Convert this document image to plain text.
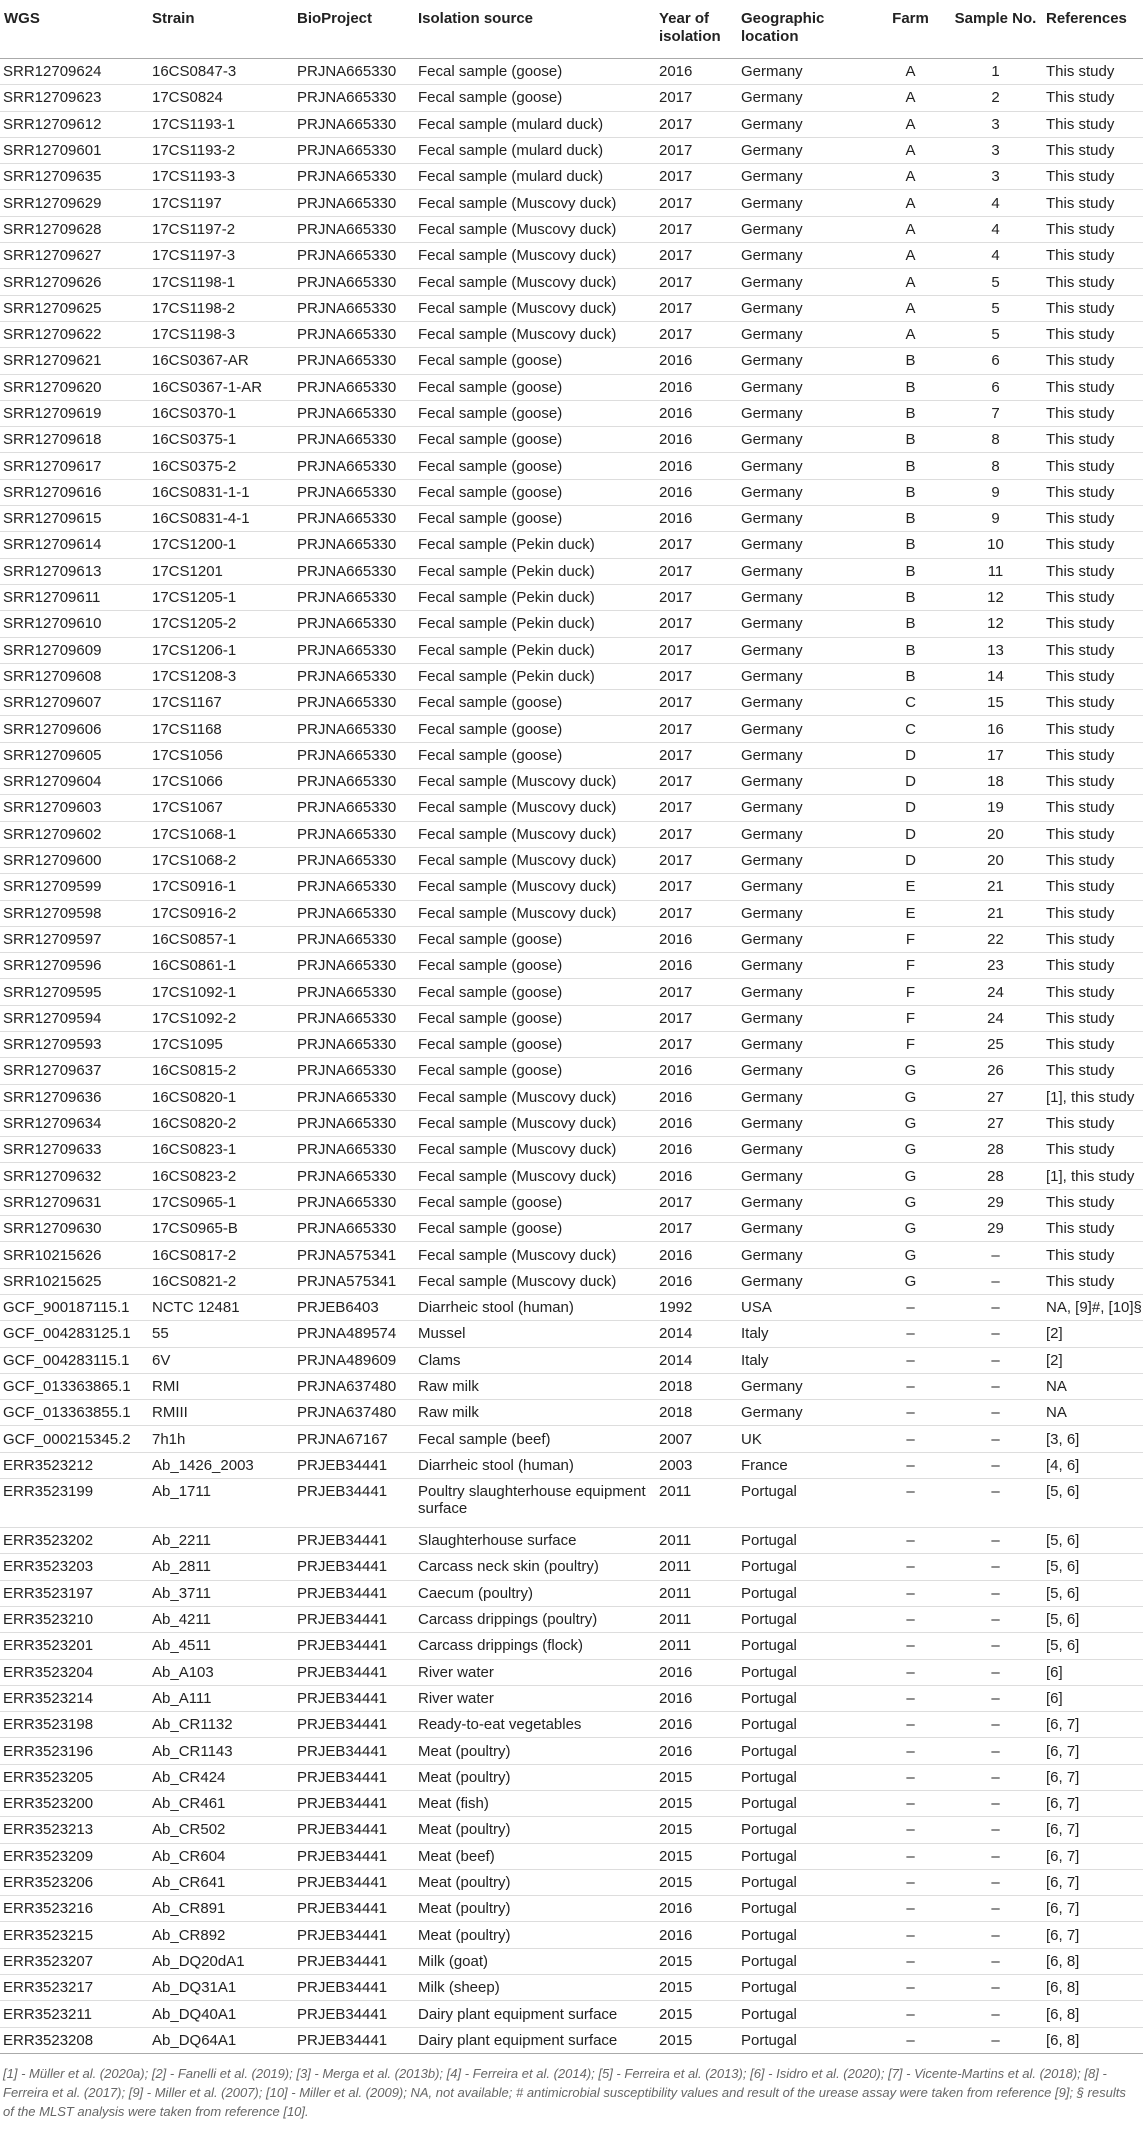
WGS	Strain	BioProject	Isolation source	Year of isolation	Geographic location	Farm	Sample No.	References
SRR12709624	16CS0847-3	PRJNA665330	Fecal sample (goose)	2016	Germany	A	1	This study
SRR12709623	17CS0824	PRJNA665330	Fecal sample (goose)	2017	Germany	A	2	This study
SRR12709612	17CS1193-1	PRJNA665330	Fecal sample (mulard duck)	2017	Germany	A	3	This study
SRR12709601	17CS1193-2	PRJNA665330	Fecal sample (mulard duck)	2017	Germany	A	3	This study
SRR12709635	17CS1193-3	PRJNA665330	Fecal sample (mulard duck)	2017	Germany	A	3	This study
SRR12709629	17CS1197	PRJNA665330	Fecal sample (Muscovy duck)	2017	Germany	A	4	This study
SRR12709628	17CS1197-2	PRJNA665330	Fecal sample (Muscovy duck)	2017	Germany	A	4	This study
SRR12709627	17CS1197-3	PRJNA665330	Fecal sample (Muscovy duck)	2017	Germany	A	4	This study
SRR12709626	17CS1198-1	PRJNA665330	Fecal sample (Muscovy duck)	2017	Germany	A	5	This study
SRR12709625	17CS1198-2	PRJNA665330	Fecal sample (Muscovy duck)	2017	Germany	A	5	This study
SRR12709622	17CS1198-3	PRJNA665330	Fecal sample (Muscovy duck)	2017	Germany	A	5	This study
SRR12709621	16CS0367-AR	PRJNA665330	Fecal sample (goose)	2016	Germany	B	6	This study
SRR12709620	16CS0367-1-AR	PRJNA665330	Fecal sample (goose)	2016	Germany	B	6	This study
SRR12709619	16CS0370-1	PRJNA665330	Fecal sample (goose)	2016	Germany	B	7	This study
SRR12709618	16CS0375-1	PRJNA665330	Fecal sample (goose)	2016	Germany	B	8	This study
SRR12709617	16CS0375-2	PRJNA665330	Fecal sample (goose)	2016	Germany	B	8	This study
SRR12709616	16CS0831-1-1	PRJNA665330	Fecal sample (goose)	2016	Germany	B	9	This study
SRR12709615	16CS0831-4-1	PRJNA665330	Fecal sample (goose)	2016	Germany	B	9	This study
SRR12709614	17CS1200-1	PRJNA665330	Fecal sample (Pekin duck)	2017	Germany	B	10	This study
SRR12709613	17CS1201	PRJNA665330	Fecal sample (Pekin duck)	2017	Germany	B	11	This study
SRR12709611	17CS1205-1	PRJNA665330	Fecal sample (Pekin duck)	2017	Germany	B	12	This study
SRR12709610	17CS1205-2	PRJNA665330	Fecal sample (Pekin duck)	2017	Germany	B	12	This study
SRR12709609	17CS1206-1	PRJNA665330	Fecal sample (Pekin duck)	2017	Germany	B	13	This study
SRR12709608	17CS1208-3	PRJNA665330	Fecal sample (Pekin duck)	2017	Germany	B	14	This study
SRR12709607	17CS1167	PRJNA665330	Fecal sample (goose)	2017	Germany	C	15	This study
SRR12709606	17CS1168	PRJNA665330	Fecal sample (goose)	2017	Germany	C	16	This study
SRR12709605	17CS1056	PRJNA665330	Fecal sample (goose)	2017	Germany	D	17	This study
SRR12709604	17CS1066	PRJNA665330	Fecal sample (Muscovy duck)	2017	Germany	D	18	This study
SRR12709603	17CS1067	PRJNA665330	Fecal sample (Muscovy duck)	2017	Germany	D	19	This study
SRR12709602	17CS1068-1	PRJNA665330	Fecal sample (Muscovy duck)	2017	Germany	D	20	This study
SRR12709600	17CS1068-2	PRJNA665330	Fecal sample (Muscovy duck)	2017	Germany	D	20	This study
SRR12709599	17CS0916-1	PRJNA665330	Fecal sample (Muscovy duck)	2017	Germany	E	21	This study
SRR12709598	17CS0916-2	PRJNA665330	Fecal sample (Muscovy duck)	2017	Germany	E	21	This study
SRR12709597	16CS0857-1	PRJNA665330	Fecal sample (goose)	2016	Germany	F	22	This study
SRR12709596	16CS0861-1	PRJNA665330	Fecal sample (goose)	2016	Germany	F	23	This study
SRR12709595	17CS1092-1	PRJNA665330	Fecal sample (goose)	2017	Germany	F	24	This study
SRR12709594	17CS1092-2	PRJNA665330	Fecal sample (goose)	2017	Germany	F	24	This study
SRR12709593	17CS1095	PRJNA665330	Fecal sample (goose)	2017	Germany	F	25	This study
SRR12709637	16CS0815-2	PRJNA665330	Fecal sample (goose)	2016	Germany	G	26	This study
SRR12709636	16CS0820-1	PRJNA665330	Fecal sample (Muscovy duck)	2016	Germany	G	27	[1], this study
SRR12709634	16CS0820-2	PRJNA665330	Fecal sample (Muscovy duck)	2016	Germany	G	27	This study
SRR12709633	16CS0823-1	PRJNA665330	Fecal sample (Muscovy duck)	2016	Germany	G	28	This study
SRR12709632	16CS0823-2	PRJNA665330	Fecal sample (Muscovy duck)	2016	Germany	G	28	[1], this study
SRR12709631	17CS0965-1	PRJNA665330	Fecal sample (goose)	2017	Germany	G	29	This study
SRR12709630	17CS0965-B	PRJNA665330	Fecal sample (goose)	2017	Germany	G	29	This study
SRR10215626	16CS0817-2	PRJNA575341	Fecal sample (Muscovy duck)	2016	Germany	G	–	This study
SRR10215625	16CS0821-2	PRJNA575341	Fecal sample (Muscovy duck)	2016	Germany	G	–	This study
GCF_900187115.1	NCTC 12481	PRJEB6403	Diarrheic stool (human)	1992	USA	–	–	NA, [9]#, [10]§
GCF_004283125.1	55	PRJNA489574	Mussel	2014	Italy	–	–	[2]
GCF_004283115.1	6V	PRJNA489609	Clams	2014	Italy	–	–	[2]
GCF_013363865.1	RMI	PRJNA637480	Raw milk	2018	Germany	–	–	NA
GCF_013363855.1	RMIII	PRJNA637480	Raw milk	2018	Germany	–	–	NA
GCF_000215345.2	7h1h	PRJNA67167	Fecal sample (beef)	2007	UK	–	–	[3, 6]
ERR3523212	Ab_1426_2003	PRJEB34441	Diarrheic stool (human)	2003	France	–	–	[4, 6]
ERR3523199	Ab_1711	PRJEB34441	Poultry slaughterhouse equipment surface	2011	Portugal	–	–	[5, 6]
ERR3523202	Ab_2211	PRJEB34441	Slaughterhouse surface	2011	Portugal	–	–	[5, 6]
ERR3523203	Ab_2811	PRJEB34441	Carcass neck skin (poultry)	2011	Portugal	–	–	[5, 6]
ERR3523197	Ab_3711	PRJEB34441	Caecum (poultry)	2011	Portugal	–	–	[5, 6]
ERR3523210	Ab_4211	PRJEB34441	Carcass drippings (poultry)	2011	Portugal	–	–	[5, 6]
ERR3523201	Ab_4511	PRJEB34441	Carcass drippings (flock)	2011	Portugal	–	–	[5, 6]
ERR3523204	Ab_A103	PRJEB34441	River water	2016	Portugal	–	–	[6]
ERR3523214	Ab_A111	PRJEB34441	River water	2016	Portugal	–	–	[6]
ERR3523198	Ab_CR1132	PRJEB34441	Ready-to-eat vegetables	2016	Portugal	–	–	[6, 7]
ERR3523196	Ab_CR1143	PRJEB34441	Meat (poultry)	2016	Portugal	–	–	[6, 7]
ERR3523205	Ab_CR424	PRJEB34441	Meat (poultry)	2015	Portugal	–	–	[6, 7]
ERR3523200	Ab_CR461	PRJEB34441	Meat (fish)	2015	Portugal	–	–	[6, 7]
ERR3523213	Ab_CR502	PRJEB34441	Meat (poultry)	2015	Portugal	–	–	[6, 7]
ERR3523209	Ab_CR604	PRJEB34441	Meat (beef)	2015	Portugal	–	–	[6, 7]
ERR3523206	Ab_CR641	PRJEB34441	Meat (poultry)	2015	Portugal	–	–	[6, 7]
ERR3523216	Ab_CR891	PRJEB34441	Meat (poultry)	2016	Portugal	–	–	[6, 7]
ERR3523215	Ab_CR892	PRJEB34441	Meat (poultry)	2016	Portugal	–	–	[6, 7]
ERR3523207	Ab_DQ20dA1	PRJEB34441	Milk (goat)	2015	Portugal	–	–	[6, 8]
ERR3523217	Ab_DQ31A1	PRJEB34441	Milk (sheep)	2015	Portugal	–	–	[6, 8]
ERR3523211	Ab_DQ40A1	PRJEB34441	Dairy plant equipment surface	2015	Portugal	–	–	[6, 8]
ERR3523208	Ab_DQ64A1	PRJEB34441	Dairy plant equipment surface	2015	Portugal	–	–	[6, 8]
[1] - Müller et al. (2020a); [2] - Fanelli et al. (2019); [3] - Merga et al. (2013b); [4] - Ferreira et al. (2014); [5] - Ferreira et al. (2013); [6] - Isidro et al. (2020); [7] - Vicente-Martins et al. (2018); [8] - Ferreira et al. (2017); [9] - Miller et al. (2007); [10] - Miller et al. (2009); NA, not available; # antimicrobial susceptibility values and result of the urease assay were taken from reference [9]; § results of the MLST analysis were taken from reference [10].
